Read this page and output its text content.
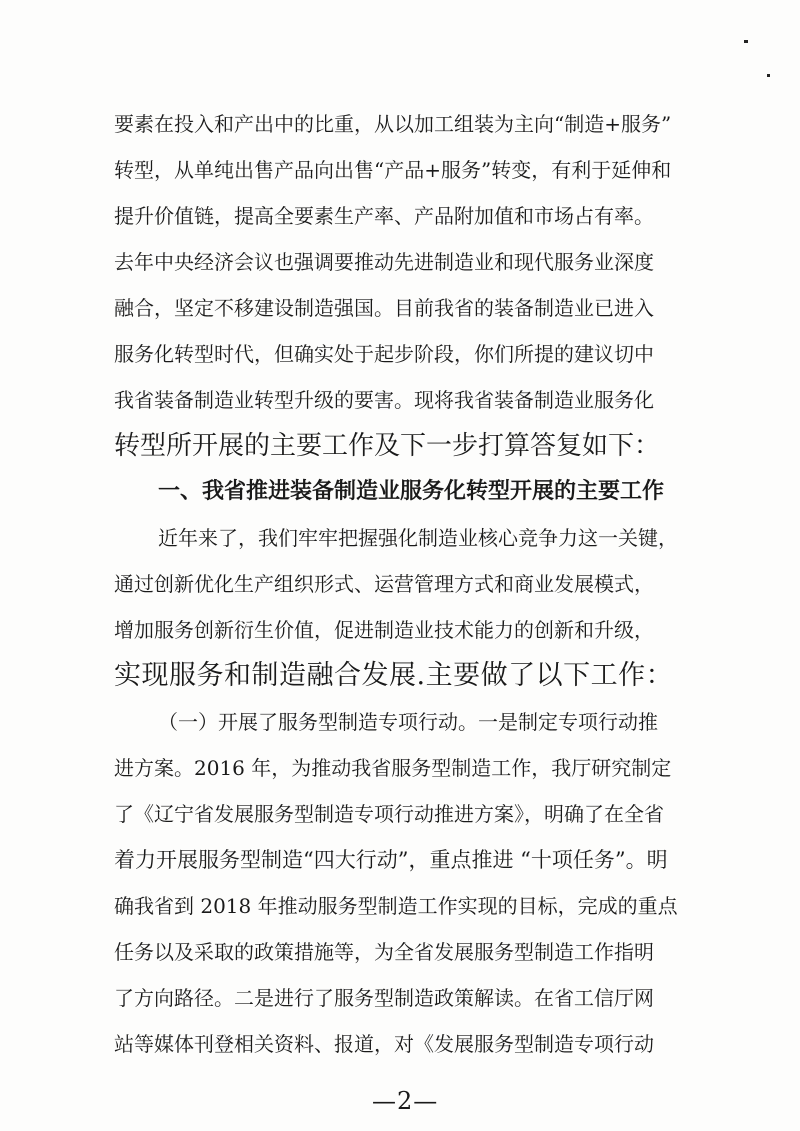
要素在投入和产出中的比重，从以加工组装为主向“制造+服务”
转型，从单纯出售产品向出售“产品+服务”转变，有利于延伸和
提升价值链，提高全要素生产率、产品附加值和市场占有率。
去年中央经济会议也强调要推动先进制造业和现代服务业深度
融合，坚定不移建设制造强国。目前我省的装备制造业已进入
服务化转型时代，但确实处于起步阶段，你们所提的建议切中
我省装备制造业转型升级的要害。现将我省装备制造业服务化
转型所开展的主要工作及下一步打算答复如下：
一、我省推进装备制造业服务化转型开展的主要工作
近年来了，我们牢牢把握强化制造业核心竞争力这一关键，
通过创新优化生产组织形式、运营管理方式和商业发展模式，
增加服务创新衍生价值，促进制造业技术能力的创新和升级，
实现服务和制造融合发展.主要做了以下工作：
（一）开展了服务型制造专项行动。一是制定专项行动推
进方案。2016 年，为推动我省服务型制造工作，我厅研究制定
了《辽宁省发展服务型制造专项行动推进方案》，明确了在全省
着力开展服务型制造“四大行动”，重点推进 “十项任务”。明
确我省到 2018 年推动服务型制造工作实现的目标，完成的重点
任务以及采取的政策措施等，为全省发展服务型制造工作指明
了方向路径。二是进行了服务型制造政策解读。在省工信厅网
站等媒体刊登相关资料、报道，对《发展服务型制造专项行动
—2—
